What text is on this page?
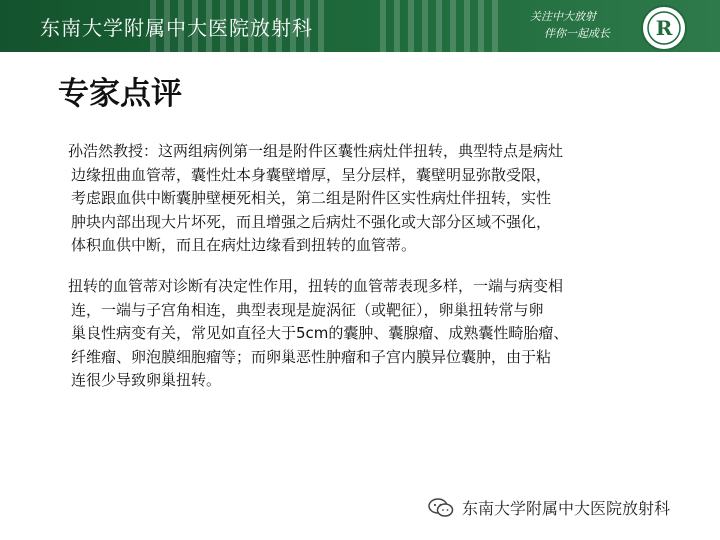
东南大学附属中大医院放射科	关注中大放射
伴你一起成长 R
专家点评
孙浩然教授：这两组病例第一组是附件区囊性病灶伴扭转，典型特点是病灶
边缘扭曲血管蒂，囊性灶本身囊壁增厚，呈分层样，囊壁明显弥散受限，
考虑跟血供中断囊肿壁梗死相关，第二组是附件区实性病灶伴扭转，实性
肿块内部出现大片坏死，而且增强之后病灶不强化或大部分区域不强化，
体积血供中断，而且在病灶边缘看到扭转的血管蒂。
扭转的血管蒂对诊断有决定性作用，扭转的血管蒂表现多样，一端与病变相
连，一端与子宫角相连，典型表现是旋涡征（或靶征），卵巢扭转常与卵
巢良性病变有关，常见如直径大于5cm的囊肿、囊腺瘤、成熟囊性畸胎瘤、
纤维瘤、卵泡膜细胞瘤等；而卵巢恶性肿瘤和子宫内膜异位囊肿，由于粘
连很少导致卵巢扭转。
东南大学附属中大医院放射科
